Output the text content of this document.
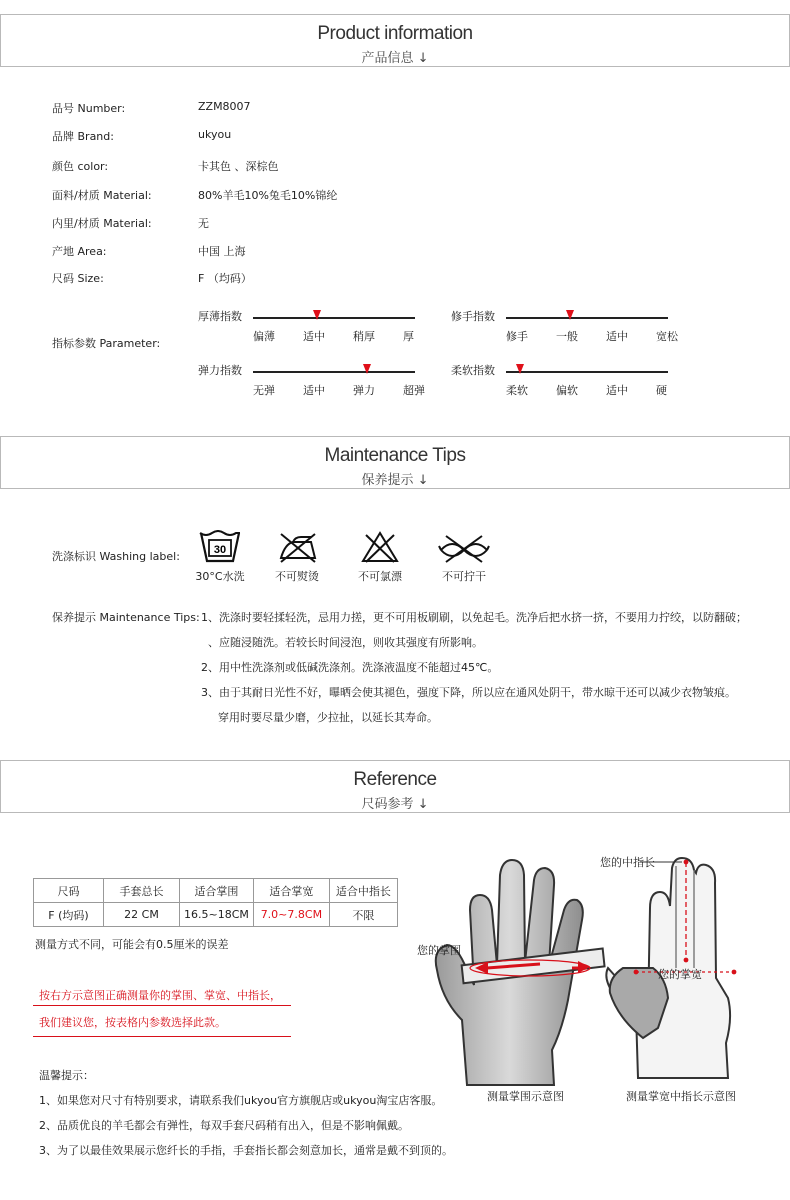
Product information
产品信息 ↓
品号 Number:	ZZM8007
品牌 Brand:	ukyou
颜色 color:	卡其色 、深棕色
面料/材质 Material:	80%羊毛10%兔毛10%锦纶
内里/材质 Material:	无
产地 Area:	中国 上海
尺码 Size:	F （均码）
指标参数 Parameter:
厚薄指数
偏薄	适中	稍厚	厚
修手指数
修手	一般	适中	宽松
弹力指数
无弹	适中	弹力	超弹
柔软指数
柔软	偏软	适中	硬
Maintenance Tips
保养提示 ↓
洗涤标识 Washing label:	30
30°C水洗	不可熨烫	不可氯漂	不可拧干
保养提示 Maintenance Tips: 1、洗涤时要轻揉轻洗，忌用力搓，更不可用板刷刷，以免起毛。洗净后把水挤一挤，不要用力拧绞，以防翻破；
、应随浸随洗。若较长时间浸泡，则收其强度有所影响。
2、用中性洗涤剂或低碱洗涤剂。洗涤液温度不能超过45℃。
3、由于其耐日光性不好，曝晒会使其褪色，强度下降，所以应在通风处阴干，带水晾干还可以减少衣物皱痕。
穿用时要尽量少磨，少拉扯，以延长其寿命。
Reference
尺码参考 ↓
尺码	手套总长	适合掌围	适合掌宽	适合中指长
F (均码)	22 CM	16.5~18CM	7.0~7.8CM	不限
测量方式不同，可能会有0.5厘米的误差
按右方示意图正确测量你的掌围、掌宽、中指长，
我们建议您，按表格内参数选择此款。
温馨提示：
1、如果您对尺寸有特别要求，请联系我们ukyou官方旗舰店或ukyou淘宝店客服。
2、品质优良的羊毛都会有弹性，每双手套尺码稍有出入，但是不影响佩戴。
3、为了以最佳效果展示您纤长的手指，手套指长都会刻意加长，通常是戴不到顶的。
您的掌围
测量掌围示意图
您的中指长
您的掌宽
测量掌宽中指长示意图
